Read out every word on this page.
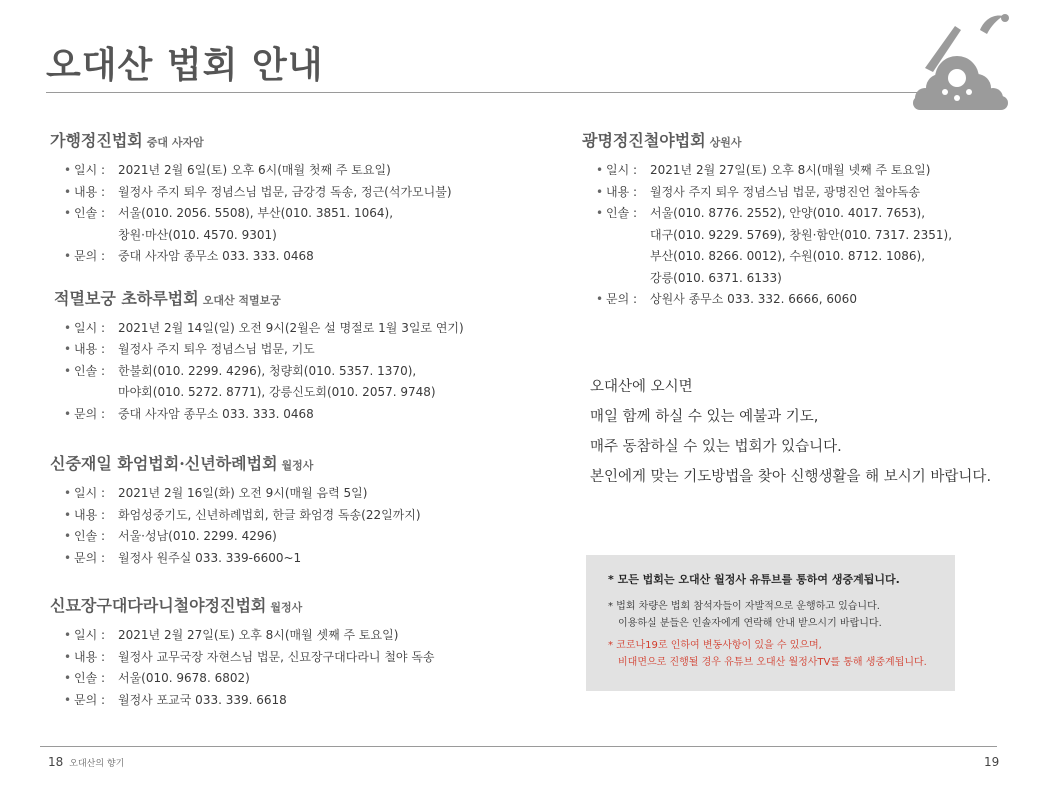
오대산 법회 안내
가행정진법회 중대 사자암
• 일시 :	2021년 2월 6일(토) 오후 6시(매월 첫째 주 토요일)
• 내용 :	월정사 주지 퇴우 정념스님 법문, 금강경 독송, 정근(석가모니불)
• 인솔 :	서울(010. 2056. 5508), 부산(010. 3851. 1064),
창원·마산(010. 4570. 9301)
• 문의 :	중대 사자암 종무소 033. 333. 0468
적멸보궁 초하루법회 오대산 적멸보궁
• 일시 :	2021년 2월 14일(일) 오전 9시(2월은 설 명절로 1월 3일로 연기)
• 내용 :	월정사 주지 퇴우 정념스님 법문, 기도
• 인솔 :	한불회(010. 2299. 4296), 청량회(010. 5357. 1370),
마야회(010. 5272. 8771), 강릉신도회(010. 2057. 9748)
• 문의 :	중대 사자암 종무소 033. 333. 0468
신중재일 화엄법회·신년하례법회 월정사
• 일시 :	2021년 2월 16일(화) 오전 9시(매월 음력 5일)
• 내용 :	화엄성중기도, 신년하례법회, 한글 화엄경 독송(22일까지)
• 인솔 :	서울·성남(010. 2299. 4296)
• 문의 :	월정사 원주실 033. 339-6600~1
신묘장구대다라니철야정진법회 월정사
• 일시 :	2021년 2월 27일(토) 오후 8시(매월 셋째 주 토요일)
• 내용 :	월정사 교무국장 자현스님 법문, 신묘장구대다라니 철야 독송
• 인솔 :	서울(010. 9678. 6802)
• 문의 :	월정사 포교국 033. 339. 6618
광명정진철야법회 상원사
• 일시 :	2021년 2월 27일(토) 오후 8시(매월 넷째 주 토요일)
• 내용 :	월정사 주지 퇴우 정념스님 법문, 광명진언 철야독송
• 인솔 :	서울(010. 8776. 2552), 안양(010. 4017. 7653),
대구(010. 9229. 5769), 창원·함안(010. 7317. 2351),
부산(010. 8266. 0012), 수원(010. 8712. 1086),
강릉(010. 6371. 6133)
• 문의 :	상원사 종무소 033. 332. 6666, 6060
오대산에 오시면
매일 함께 하실 수 있는 예불과 기도,
매주 동참하실 수 있는 법회가 있습니다.
본인에게 맞는 기도방법을 찾아 신행생활을 해 보시기 바랍니다.
* 모든 법회는 오대산 월정사 유튜브를 통하여 생중계됩니다.
* 법회 차량은 법회 참석자들이 자발적으로 운행하고 있습니다.
이용하실 분들은 인솔자에게 연락해 안내 받으시기 바랍니다.
* 코로나19로 인하여 변동사항이 있을 수 있으며,
비대면으로 진행될 경우 유튜브 오대산 월정사TV를 통해 생중계됩니다.
18 오대산의 향기	19
